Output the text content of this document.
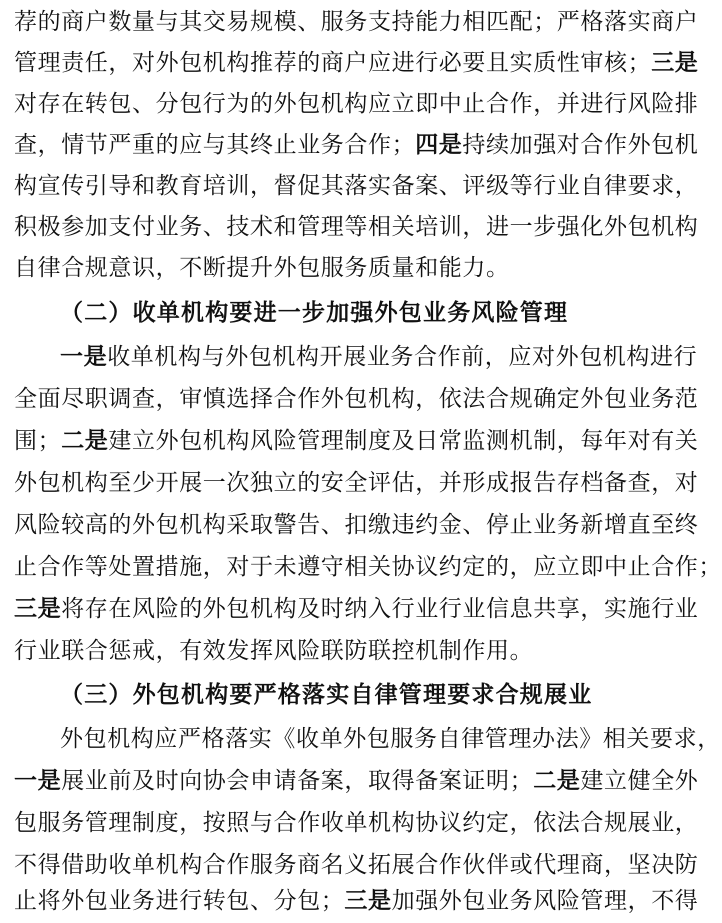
荐的商户数量与其交易规模、服务支持能力相匹配；严格落实商户
管理责任，对外包机构推荐的商户应进行必要且实质性审核；三是
对存在转包、分包行为的外包机构应立即中止合作，并进行风险排
查，情节严重的应与其终止业务合作；四是持续加强对合作外包机
构宣传引导和教育培训，督促其落实备案、评级等行业自律要求，
积极参加支付业务、技术和管理等相关培训，进一步强化外包机构
自律合规意识，不断提升外包服务质量和能力。
（二）收单机构要进一步加强外包业务风险管理
一是收单机构与外包机构开展业务合作前，应对外包机构进行
全面尽职调查，审慎选择合作外包机构，依法合规确定外包业务范
围；二是建立外包机构风险管理制度及日常监测机制，每年对有关
外包机构至少开展一次独立的安全评估，并形成报告存档备查，对
风险较高的外包机构采取警告、扣缴违约金、停止业务新增直至终
止合作等处置措施，对于未遵守相关协议约定的，应立即中止合作；
三是将存在风险的外包机构及时纳入行业行业信息共享，实施行业
行业联合惩戒，有效发挥风险联防联控机制作用。
（三）外包机构要严格落实自律管理要求合规展业
外包机构应严格落实《收单外包服务自律管理办法》相关要求，
一是展业前及时向协会申请备案，取得备案证明；二是建立健全外
包服务管理制度，按照与合作收单机构协议约定，依法合规展业，
不得借助收单机构合作服务商名义拓展合作伙伴或代理商，坚决防
止将外包业务进行转包、分包；三是加强外包业务风险管理，不得
